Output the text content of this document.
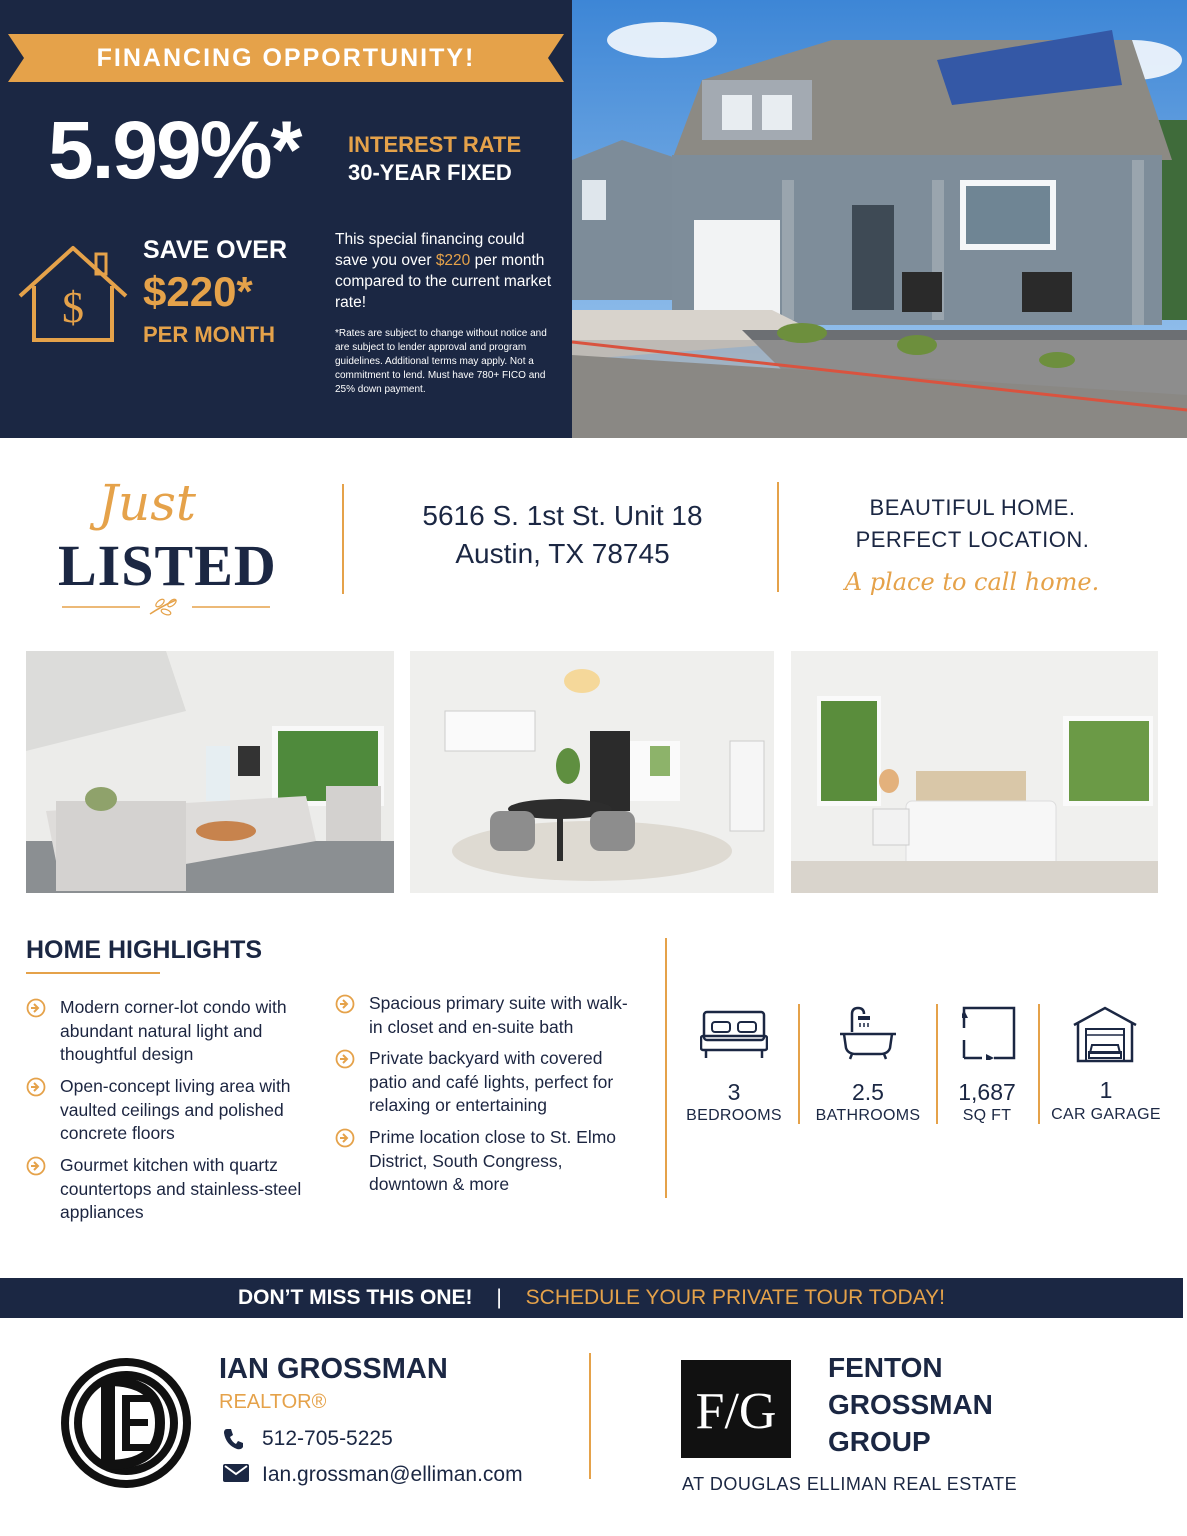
FINANCING OPPORTUNITY!
5.99%* INTEREST RATE
30-YEAR FIXED
$
SAVE OVER
$220*
PER MONTH
This special financing could save you over $220 per month compared to the current market rate!
*Rates are subject to change without notice and are subject to lender approval and program guidelines. Additional terms may apply. Not a commitment to lend. Must have 780+ FICO and 25% down payment.
Just
LISTED
5616 S. 1st St. Unit 18
Austin, TX 78745
BEAUTIFUL HOME.
PERFECT LOCATION.
A place to call home.
HOME HIGHLIGHTS
Modern corner-lot condo with abundant natural light and thoughtful design
Open-concept living area with vaulted ceilings and polished concrete floors
Gourmet kitchen with quartz countertops and stainless-steel appliances
Spacious primary suite with walk-in closet and en-suite bath
Private backyard with covered patio and café lights, perfect for relaxing or entertaining
Prime location close to St. Elmo District, South Congress, downtown & more
3
BEDROOMS
2.5
BATHROOMS
1,687
SQ FT
1
CAR GARAGE
DON’T MISS THIS ONE! | SCHEDULE YOUR PRIVATE TOUR TODAY!
IAN GROSSMAN
REALTOR®
512-705-5225
Ian.grossman@elliman.com
F/G
FENTON
GROSSMAN
GROUP
AT DOUGLAS ELLIMAN REAL ESTATE
